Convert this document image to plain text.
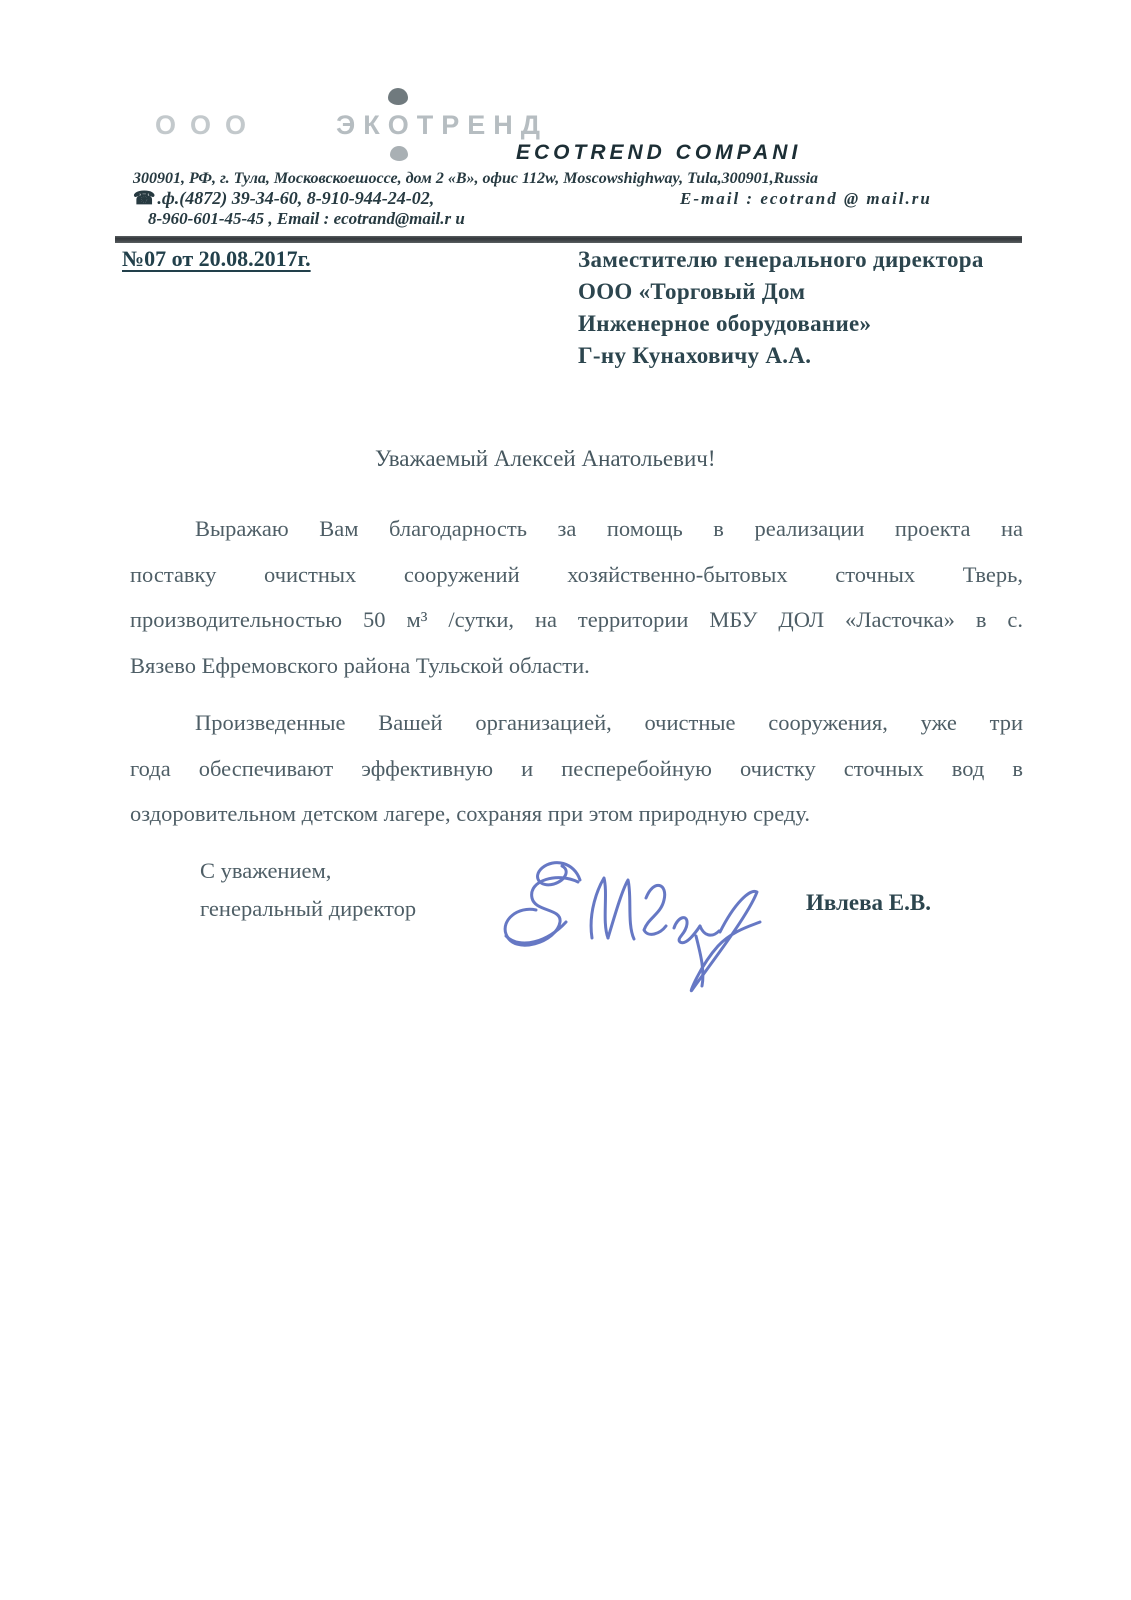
ООО	ЭКОТРЕНД
ECOTREND COMPANI
300901, РФ, г. Тула, Московскоешоссе, дом 2 «В», офис 112w, Moscowshighway, Tula,300901,Russia
☎ .ф.(4872) 39-34-60, 8-910-944-24-02,	E-mail : ecotrand @ mail.ru
8-960-601-45-45 , Email : ecotrand@mail.r u
№07 от 20.08.2017г.	Заместителю генерального директора
ООО «Торговый Дом
Инженерное оборудование»
Г-ну Кунаховичу А.А.
Уважаемый Алексей Анатольевич!
Выражаю Вам благодарность за помощь в реализации проекта на
поставку очистных сооружений хозяйственно-бытовых сточных Тверь,
производительностью 50 м³ /сутки, на территории МБУ ДОЛ «Ласточка» в с.
Вязево Ефремовского района Тульской области.
Произведенные Вашей организацией, очистные сооружения, уже три
года обеспечивают эффективную и песперебойную очистку сточных вод в
оздоровительном детском лагере, сохраняя при этом природную среду.
С уважением,
генеральный директор	Ивлева Е.В.
